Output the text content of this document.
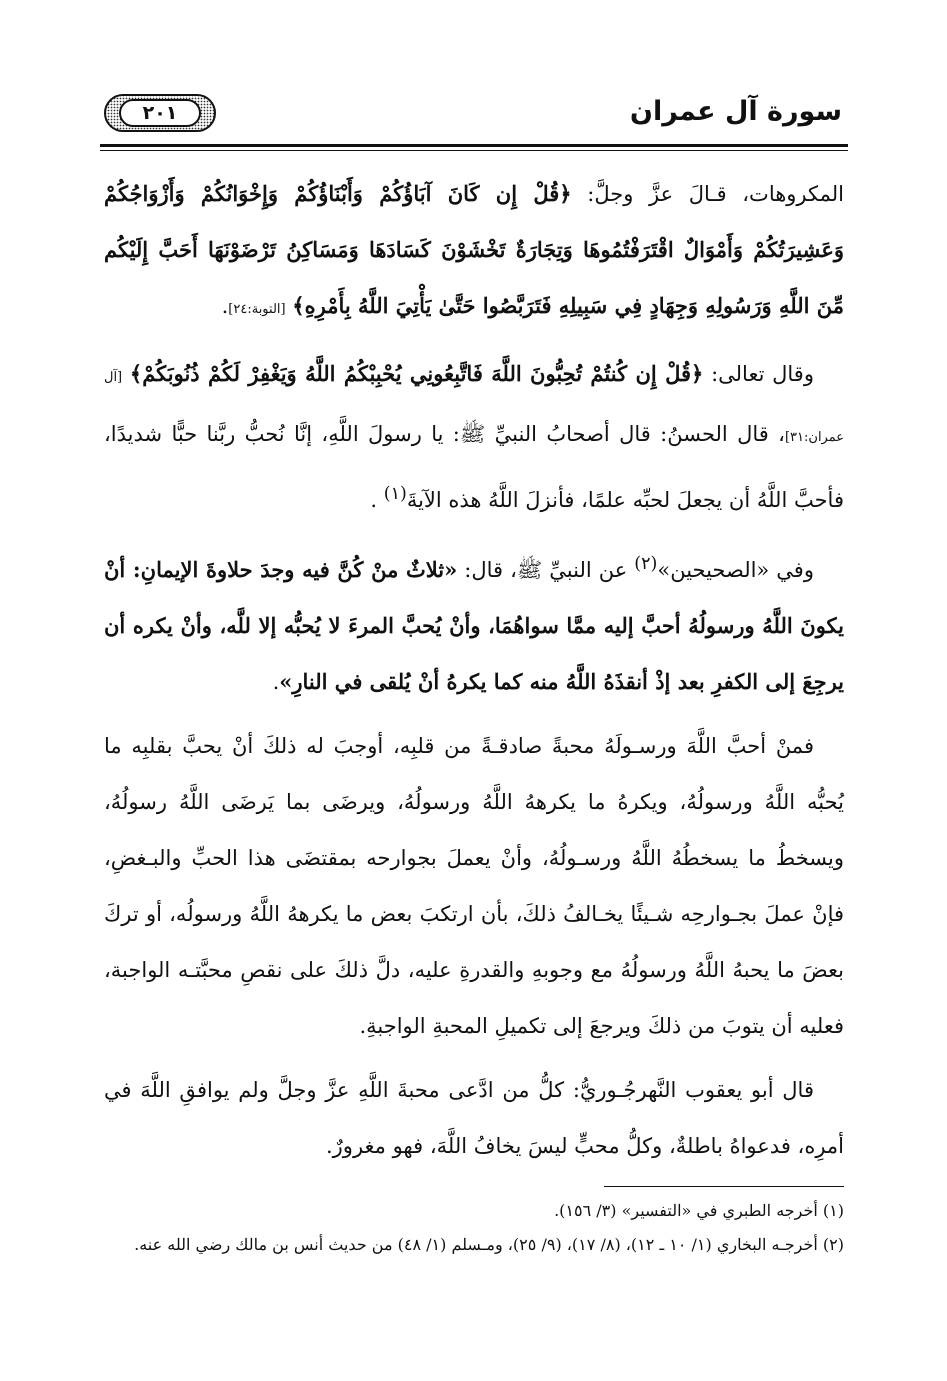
سورة آل عمران
٢٠١

المكروهات، قـالَ عزَّ وجلَّ: ﴿قُلْ إِن كَانَ آبَاؤُكُمْ وَأَبْنَاؤُكُمْ وَإِخْوَانُكُمْ وَأَزْوَاجُكُمْ وَعَشِيرَتُكُمْ وَأَمْوَالٌ اقْتَرَفْتُمُوهَا وَتِجَارَةٌ تَخْشَوْنَ كَسَادَهَا وَمَسَاكِنُ تَرْضَوْنَهَا أَحَبَّ إِلَيْكُم مِّنَ اللَّهِ وَرَسُولِهِ وَجِهَادٍ فِي سَبِيلِهِ فَتَرَبَّصُوا حَتَّىٰ يَأْتِيَ اللَّهُ بِأَمْرِهِ﴾ [التوبة:٢٤].

وقال تعالى: ﴿قُلْ إِن كُنتُمْ تُحِبُّونَ اللَّهَ فَاتَّبِعُونِي يُحْبِبْكُمُ اللَّهُ وَيَغْفِرْ لَكُمْ ذُنُوبَكُمْ﴾ [آل عمران:٣١]، قال الحسنُ: قال أصحابُ النبيِّ ﷺ: يا رسولَ اللَّهِ، إنَّا نُحبُّ ربَّنا حبًّا شديدًا، فأحبَّ اللَّهُ أن يجعلَ لحبِّه علمًا، فأنزلَ اللَّهُ هذه الآيةَ$^{(١)}$ .

وفي «الصحيحين»$^{(٢)}$ عن النبيِّ ﷺ، قال: «ثلاثٌ منْ كُنَّ فيه وجدَ حلاوةَ الإيمانِ: أنْ يكونَ اللَّهُ ورسولُهُ أحبَّ إليه ممَّا سواهُمَا، وأنْ يُحبَّ المرءَ لا يُحبُّه إلا للَّه، وأنْ يكره أن يرجِعَ إلى الكفرِ بعد إذْ أنقذَهُ اللَّهُ منه كما يكرهُ أنْ يُلقى في النارِ».

فمنْ أحبَّ اللَّهَ ورسـولَهُ محبةً صادقـةً من قلبِه، أوجبَ له ذلكَ أنْ يحبَّ بقلبِه ما يُحبُّه اللَّهُ ورسولُهُ، ويكرهُ ما يكرههُ اللَّهُ ورسولُهُ، ويرضَى بما يَرضَى اللَّهُ رسولُهُ، ويسخطُ ما يسخطُهُ اللَّهُ ورسـولُهُ، وأنْ يعملَ بجوارحه بمقتضَى هذا الحبِّ والبـغضِ، فإنْ عملَ بجـوارحِه شـيئًا يخـالفُ ذلكَ، بأن ارتكبَ بعض ما يكرههُ اللَّهُ ورسولُه، أو تركَ بعضَ ما يحبهُ اللَّهُ ورسولُهُ مع وجوبهِ والقدرةِ عليه، دلَّ ذلكَ على نقصِ محبَّتـه الواجبة، فعليه أن يتوبَ من ذلكَ ويرجعَ إلى تكميلِ المحبةِ الواجبةِ.

قال أبو يعقوب النَّهرجُـوريُّ: كلُّ من ادَّعى محبةَ اللَّهِ عزَّ وجلَّ ولم يوافقِ اللَّهَ في أمرِه، فدعواهُ باطلةٌ، وكلُّ محبٍّ ليسَ يخافُ اللَّهَ، فهو مغرورٌ.

(١) أخرجه الطبري في «التفسير» (٣/ ١٥٦).

(٢) أخرجـه البخاري (١/ ١٠ ـ ١٢)، (٨/ ١٧)، (٩/ ٢٥)، ومـسلم (١/ ٤٨) من حديث أنس بن مالك رضي الله عنه.
